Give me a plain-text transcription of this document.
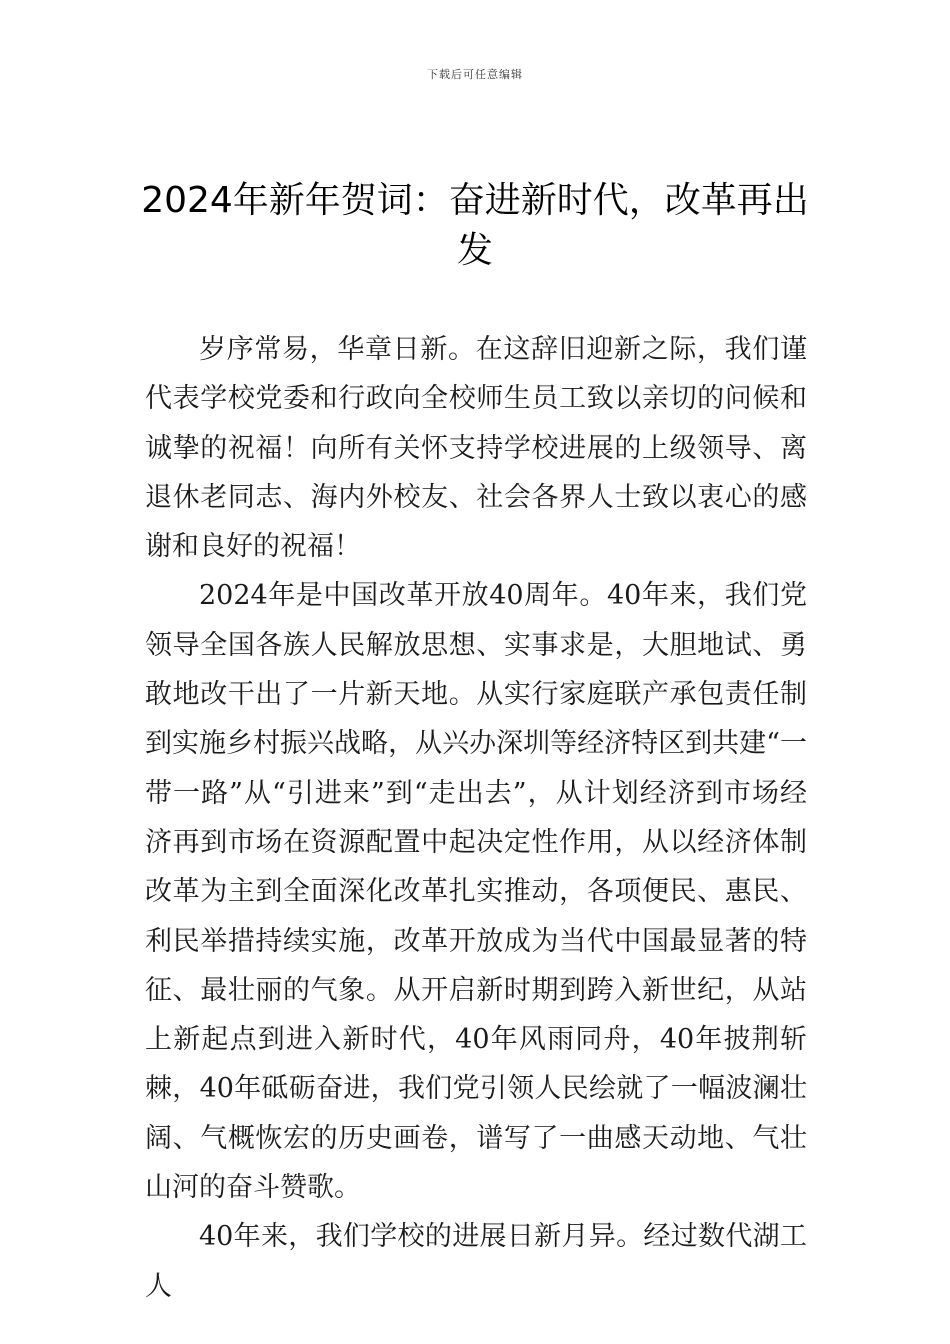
下载后可任意编辑
2024年新年贺词：奋进新时代，改革再出发

岁序常易，华章日新。在这辞旧迎新之际，我们谨代表学校党委和行政向全校师生员工致以亲切的问候和诚挚的祝福！向所有关怀支持学校进展的上级领导、离退休老同志、海内外校友、社会各界人士致以衷心的感谢和良好的祝福！

2024年是中国改革开放40周年。40年来，我们党领导全国各族人民解放思想、实事求是，大胆地试、勇敢地改干出了一片新天地。从实行家庭联产承包责任制到实施乡村振兴战略，从兴办深圳等经济特区到共建“一带一路”从“引进来”到“走出去”，从计划经济到市场经济再到市场在资源配置中起决定性作用，从以经济体制改革为主到全面深化改革扎实推动，各项便民、惠民、利民举措持续实施，改革开放成为当代中国最显著的特征、最壮丽的气象。从开启新时期到跨入新世纪，从站上新起点到进入新时代，40年风雨同舟，40年披荆斩棘，40年砥砺奋进，我们党引领人民绘就了一幅波澜壮阔、气概恢宏的历史画卷，谱写了一曲感天动地、气壮山河的奋斗赞歌。

40年来，我们学校的进展日新月异。经过数代湖工人
